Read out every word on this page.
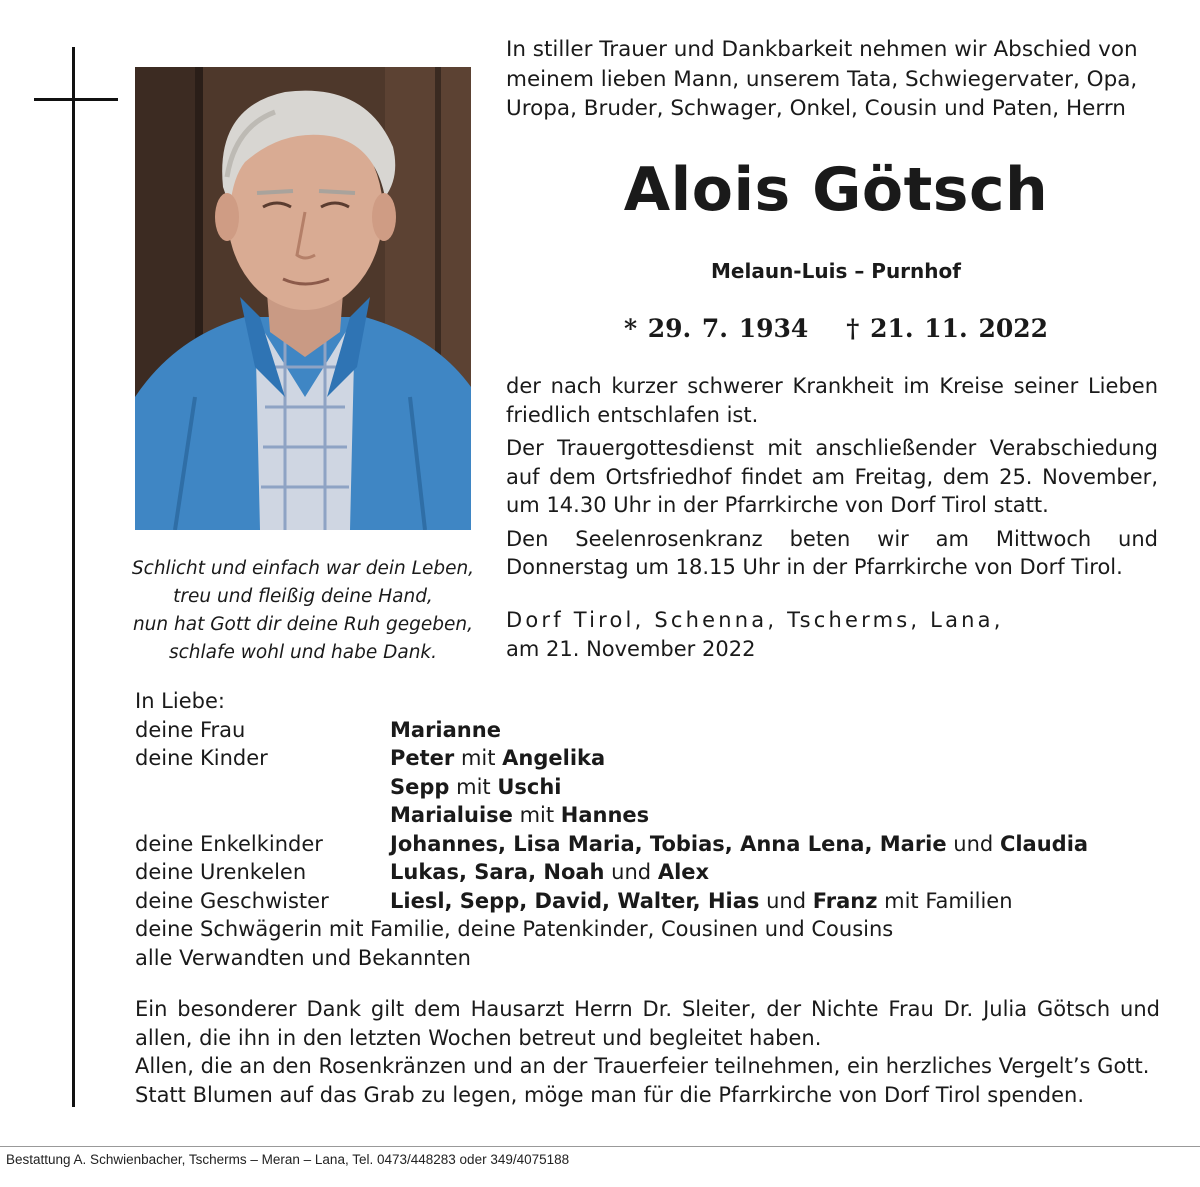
Schlicht und einfach war dein Leben,
treu und fleißig deine Hand,
nun hat Gott dir deine Ruh gegeben,
schlafe wohl und habe Dank.
In stiller Trauer und Dankbarkeit nehmen wir Abschied von
meinem lieben Mann, unserem Tata, Schwiegervater, Opa,
Uropa, Bruder, Schwager, Onkel, Cousin und Paten, Herrn
Alois Götsch
Melaun-Luis – Purnhof
* 29. 7. 1934 † 21. 11. 2022

der nach kurzer schwerer Krankheit im Kreise seiner Lieben friedlich entschlafen ist.

Der Trauergottesdienst mit anschließender Verabschiedung auf dem Ortsfriedhof findet am Freitag, dem 25. November, um 14.30 Uhr in der Pfarrkirche von Dorf Tirol statt.

Den Seelenrosenkranz beten wir am Mittwoch und Donnerstag um 18.15 Uhr in der Pfarrkirche von Dorf Tirol.

Dorf Tirol, Schenna, Tscherms, Lana,
am 21. November 2022
In Liebe:
deine Frau	Marianne
deine Kinder	Peter mit Angelika
Sepp mit Uschi
Marialuise mit Hannes
deine Enkelkinder	Johannes, Lisa Maria, Tobias, Anna Lena, Marie und Claudia
deine Urenkelen	Lukas, Sara, Noah und Alex
deine Geschwister	Liesl, Sepp, David, Walter, Hias und Franz mit Familien
deine Schwägerin mit Familie, deine Patenkinder, Cousinen und Cousins
alle Verwandten und Bekannten

Ein besonderer Dank gilt dem Hausarzt Herrn Dr. Sleiter, der Nichte Frau Dr. Julia Götsch und allen, die ihn in den letzten Wochen betreut und begleitet haben.

Allen, die an den Rosenkränzen und an der Trauerfeier teilnehmen, ein herzliches Vergelt’s Gott.

Statt Blumen auf das Grab zu legen, möge man für die Pfarrkirche von Dorf Tirol spenden.

Bestattung A. Schwienbacher, Tscherms – Meran – Lana, Tel. 0473/448283 oder 349/4075188
